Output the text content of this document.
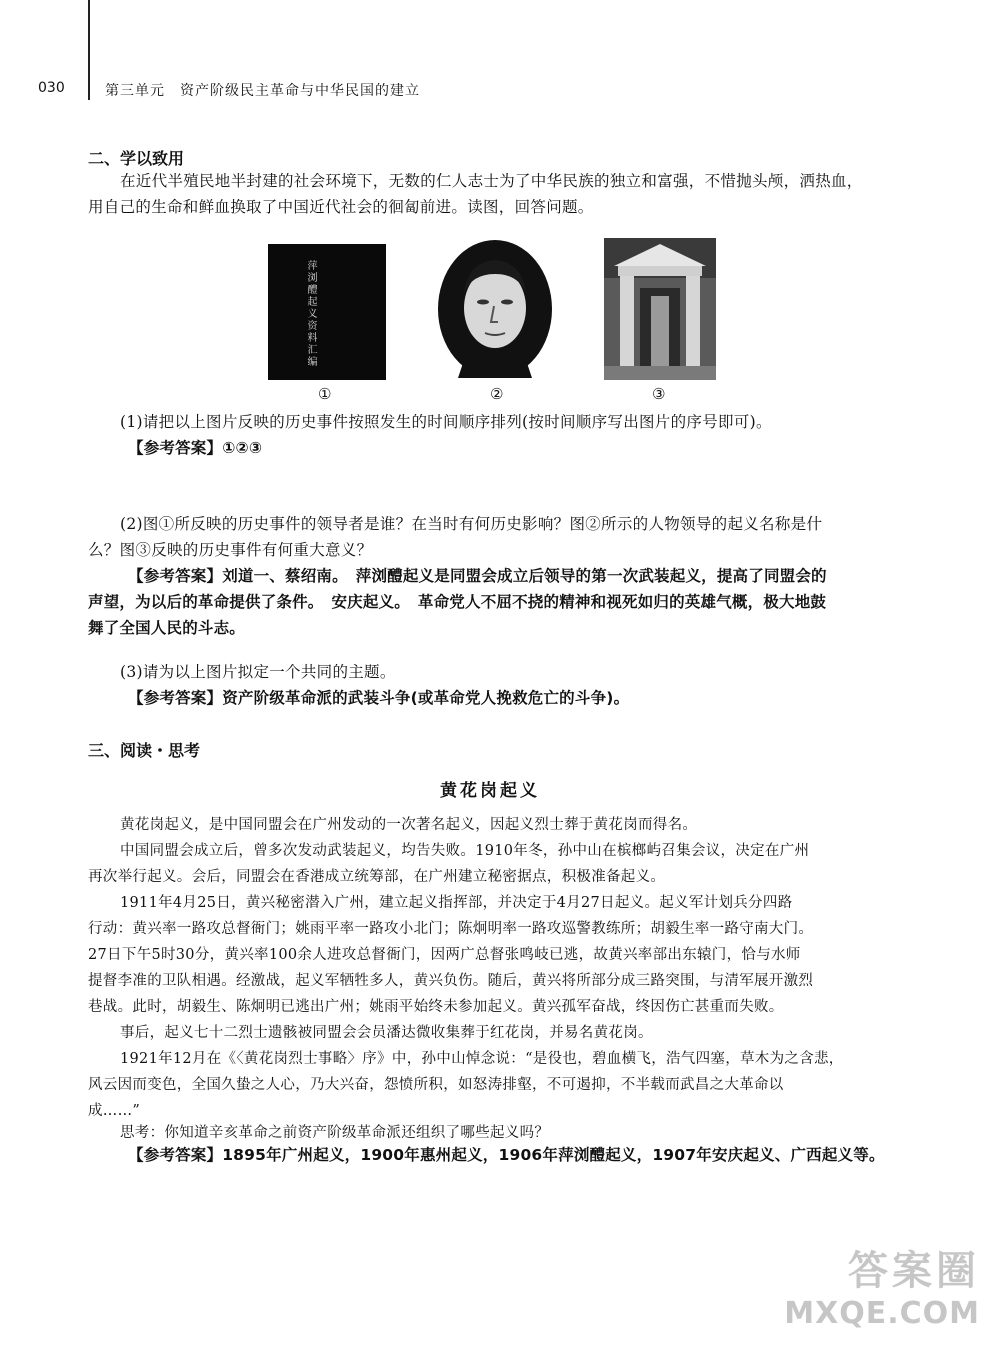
030	第三单元　资产阶级民主革命与中华民国的建立
二、学以致用
在近代半殖民地半封建的社会环境下，无数的仁人志士为了中华民族的独立和富强，不惜抛头颅，洒热血，
用自己的生命和鲜血换取了中国近代社会的徊匐前进。读图，回答问题。
萍浏醴起义资料汇编
①	②	③
(1)请把以上图片反映的历史事件按照发生的时间顺序排列(按时间顺序写出图片的序号即可)。
【参考答案】①②③
(2)图①所反映的历史事件的领导者是谁？在当时有何历史影响？图②所示的人物领导的起义名称是什
么？图③反映的历史事件有何重大意义？
【参考答案】刘道一、蔡绍南。　萍浏醴起义是同盟会成立后领导的第一次武装起义，提高了同盟会的
声望，为以后的革命提供了条件。　安庆起义。　革命党人不屈不挠的精神和视死如归的英雄气概，极大地鼓
舞了全国人民的斗志。
(3)请为以上图片拟定一个共同的主题。
【参考答案】资产阶级革命派的武装斗争(或革命党人挽救危亡的斗争)。
三、阅读・思考
黄花岗起义
黄花岗起义，是中国同盟会在广州发动的一次著名起义，因起义烈士葬于黄花岗而得名。
中国同盟会成立后，曾多次发动武装起义，均告失败。1910年冬，孙中山在槟榔屿召集会议，决定在广州
再次举行起义。会后，同盟会在香港成立统筹部，在广州建立秘密据点，积极准备起义。
1911年4月25日，黄兴秘密潜入广州，建立起义指挥部，并决定于4月27日起义。起义军计划兵分四路
行动：黄兴率一路攻总督衙门；姚雨平率一路攻小北门；陈炯明率一路攻巡警教练所；胡毅生率一路守南大门。
27日下午5时30分，黄兴率100余人进攻总督衙门，因两广总督张鸣岐已逃，故黄兴率部出东辕门，恰与水师
提督李准的卫队相遇。经激战，起义军牺牲多人，黄兴负伤。随后，黄兴将所部分成三路突围，与清军展开激烈
巷战。此时，胡毅生、陈炯明已逃出广州；姚雨平始终未参加起义。黄兴孤军奋战，终因伤亡甚重而失败。
事后，起义七十二烈士遗骸被同盟会会员潘达微收集葬于红花岗，并易名黄花岗。
1921年12月在《〈黄花岗烈士事略〉序》中，孙中山悼念说：“是役也，碧血横飞，浩气四塞，草木为之含悲，
风云因而变色，全国久蛰之人心，乃大兴奋，怨愤所积，如怒涛排壑，不可遏抑，不半载而武昌之大革命以
成……”
思考：你知道辛亥革命之前资产阶级革命派还组织了哪些起义吗？
【参考答案】1895年广州起义，1900年惠州起义，1906年萍浏醴起义，1907年安庆起义、广西起义等。
答案圈
MXQE.COM
